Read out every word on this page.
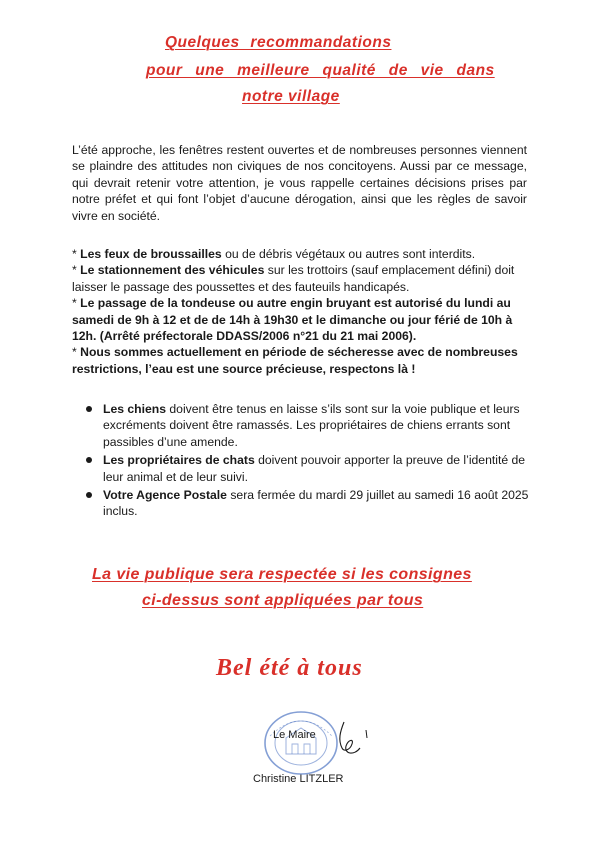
Quelques recommandations
pour une meilleure qualité de vie dans
notre village
L’été approche, les fenêtres restent ouvertes et de nombreuses personnes viennent se plaindre des attitudes non civiques de nos concitoyens. Aussi par ce message, qui devrait retenir votre attention, je vous rappelle certaines décisions prises par notre préfet et qui font l’objet d’aucune dérogation, ainsi que les règles de savoir vivre en société.

* Les feux de broussailles ou de débris végétaux ou autres sont interdits.

* Le stationnement des véhicules sur les trottoirs (sauf emplacement défini) doit laisser le passage des poussettes et des fauteuils handicapés.

* Le passage de la tondeuse ou autre engin bruyant est autorisé du lundi au samedi de 9h à 12 et de de 14h à 19h30 et le dimanche ou jour férié de 10h à 12h. (Arrêté préfectorale DDASS/2006 n°21 du 21 mai 2006).

* Nous sommes actuellement en période de sécheresse avec de nombreuses restrictions, l’eau est une source précieuse, respectons là !

Les chiens doivent être tenus en laisse s’ils sont sur la voie publique et leurs excréments doivent être ramassés. Les propriétaires de chiens errants sont passibles d’une amende.
Les propriétaires de chats doivent pouvoir apporter la preuve de l’identité de leur animal et de leur suivi.
Votre Agence Postale sera fermée du mardi 29 juillet au samedi 16 août 2025 inclus.
La vie publique sera respectée si les consignes
ci-dessus sont appliquées par tous
Bel été à tous
Le Maire
Christine LITZLER
